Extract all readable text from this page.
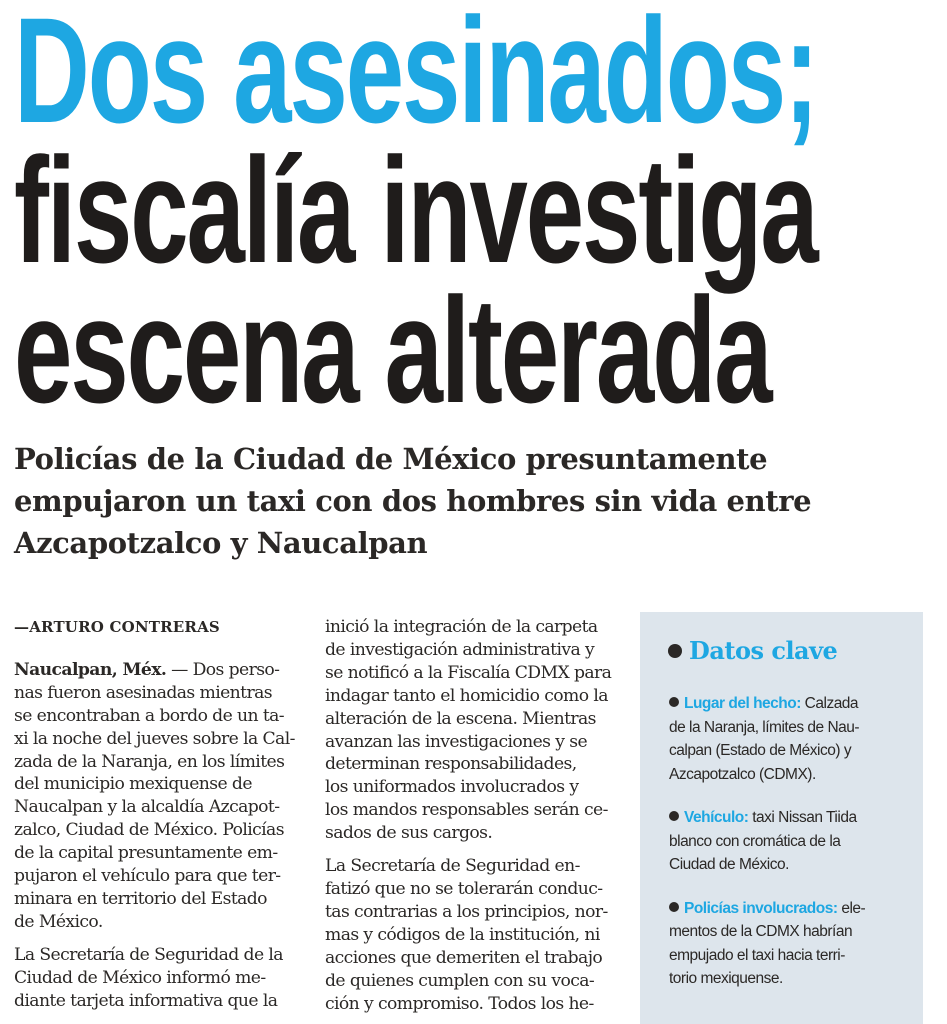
Dos asesinados;
fiscalía investiga
escena alterada
Policías de la Ciudad de México presuntamente
empujaron un taxi con dos hombres sin vida entre
Azcapotzalco y Naucalpan
—ARTURO CONTRERAS
Naucalpan, Méx. — Dos perso-
nas fueron asesinadas mientras
se encontraban a bordo de un ta-
xi la noche del jueves sobre la Cal-
zada de la Naranja, en los límites
del municipio mexiquense de
Naucalpan y la alcaldía Azcapot-
zalco, Ciudad de México. Policías
de la capital presuntamente em-
pujaron el vehículo para que ter-
minara en territorio del Estado
de México.
La Secretaría de Seguridad de la
Ciudad de México informó me-
diante tarjeta informativa que la
inició la integración de la carpeta
de investigación administrativa y
se notificó a la Fiscalía CDMX para
indagar tanto el homicidio como la
alteración de la escena. Mientras
avanzan las investigaciones y se
determinan responsabilidades,
los uniformados involucrados y
los mandos responsables serán ce-
sados de sus cargos.
La Secretaría de Seguridad en-
fatizó que no se tolerarán conduc-
tas contrarias a los principios, nor-
mas y códigos de la institución, ni
acciones que demeriten el trabajo
de quienes cumplen con su voca-
ción y compromiso. Todos los he-
Datos clave
Lugar del hecho: Calzada
de la Naranja, límites de Nau-
calpan (Estado de México) y
Azcapotzalco (CDMX).
Vehículo: taxi Nissan Tiida
blanco con cromática de la
Ciudad de México.
Policías involucrados: ele-
mentos de la CDMX habrían
empujado el taxi hacia terri-
torio mexiquense.
